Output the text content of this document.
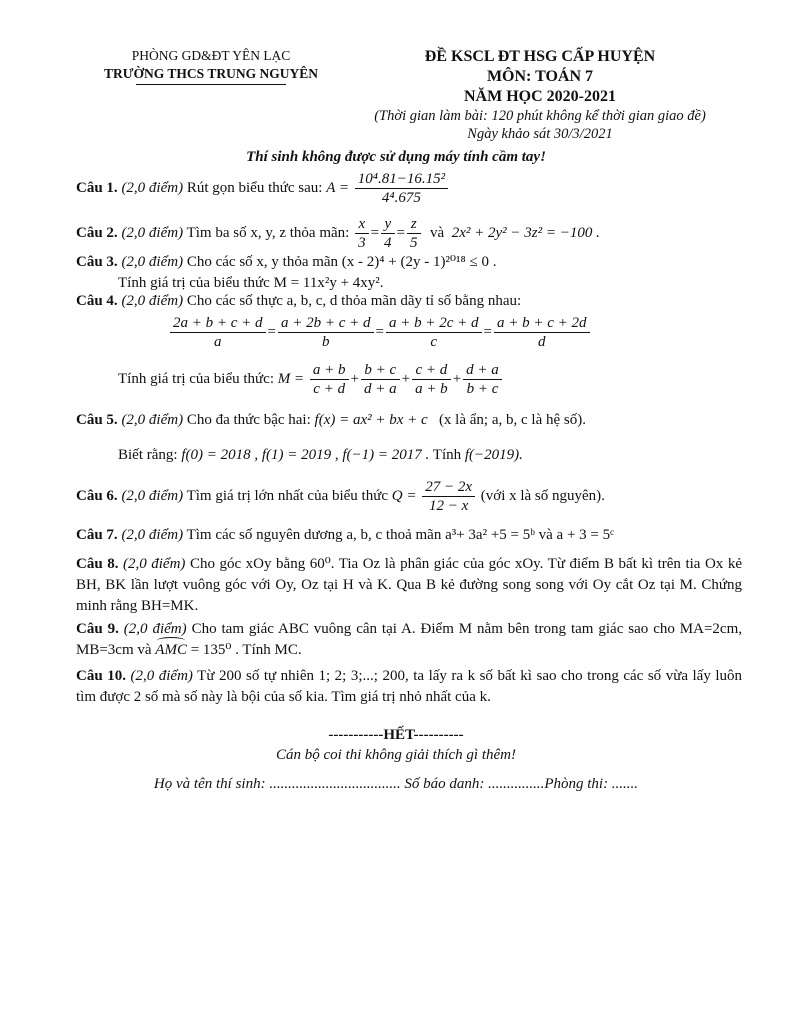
PHÒNG GD&ĐT YÊN LẠC
TRƯỜNG THCS TRUNG NGUYÊN
ĐỀ KSCL ĐT HSG CẤP HUYỆN
MÔN: TOÁN 7
NĂM HỌC 2020-2021
(Thời gian làm bài: 120 phút không kể thời gian giao đề)
Ngày khảo sát 30/3/2021
Thí sinh không được sử dụng máy tính cầm tay!
Câu 1. (2,0 điểm) Rút gọn biểu thức sau: $A = \frac{\text{10⁴.81−16.15²}}{\text{4⁴.675}}$
Câu 2. (2,0 điểm) Tìm ba số x, y, z thỏa mãn: $\frac{x}{3} = \frac{y}{4} = \frac{z}{5}$ và 2x² + 2y² − 3z² = −100 .
Câu 3. (2,0 điểm) Cho các số x, y thỏa mãn (x - 2)⁴ + (2y - 1)²⁰¹⁸ ≤ 0 .
Tính giá trị của biểu thức M = 11x²y + 4xy².
Câu 4. (2,0 điểm) Cho các số thực a, b, c, d thỏa mãn dãy tỉ số bằng nhau:
$\frac{2a + b + c + d}{a} = \frac{a + 2b + c + d}{b} = \frac{a + b + 2c + d}{c} = \frac{a + b + c + 2d}{d}$
Tính giá trị của biểu thức: $M = \frac{a + b}{c + d} + \frac{b + c}{d + a} + \frac{c + d}{a + b} + \frac{d + a}{b + c}$
Câu 5. (2,0 điểm) Cho đa thức bậc hai: f(x) = ax² + bx + c (x là ẩn; a, b, c là hệ số).
Biết rằng: f(0) = 2018 , f(1) = 2019 , f(−1) = 2017 . Tính f(−2019).
Câu 6. (2,0 điểm) Tìm giá trị lớn nhất của biểu thức $Q = \frac{27 - 2x}{12 - x}$ (với x là số nguyên).
Câu 7. (2,0 điểm) Tìm các số nguyên dương a, b, c thoả mãn a³+ 3a² +5 = 5ᵇ và a + 3 = 5ᶜ
Câu 8. (2,0 điểm) Cho góc xOy bằng 60⁰. Tia Oz là phân giác của góc xOy. Từ điểm B bất kì trên tia Ox kẻ BH, BK lần lượt vuông góc với Oy, Oz tại H và K. Qua B kẻ đường song song với Oy cắt Oz tại M. Chứng minh rằng BH=MK.
Câu 9. (2,0 điểm) Cho tam giác ABC vuông cân tại A. Điểm M nằm bên trong tam giác sao cho MA=2cm, MB=3cm và AMC = 135⁰ . Tính MC.
Câu 10. (2,0 điểm) Từ 200 số tự nhiên 1; 2; 3;...; 200, ta lấy ra k số bất kì sao cho trong các số vừa lấy luôn tìm được 2 số mà số này là bội của số kia. Tìm giá trị nhỏ nhất của k.
-----------HẾT----------
Cán bộ coi thi không giải thích gì thêm!
Họ và tên thí sinh: ................................... Số báo danh: ...............Phòng thi: .......
